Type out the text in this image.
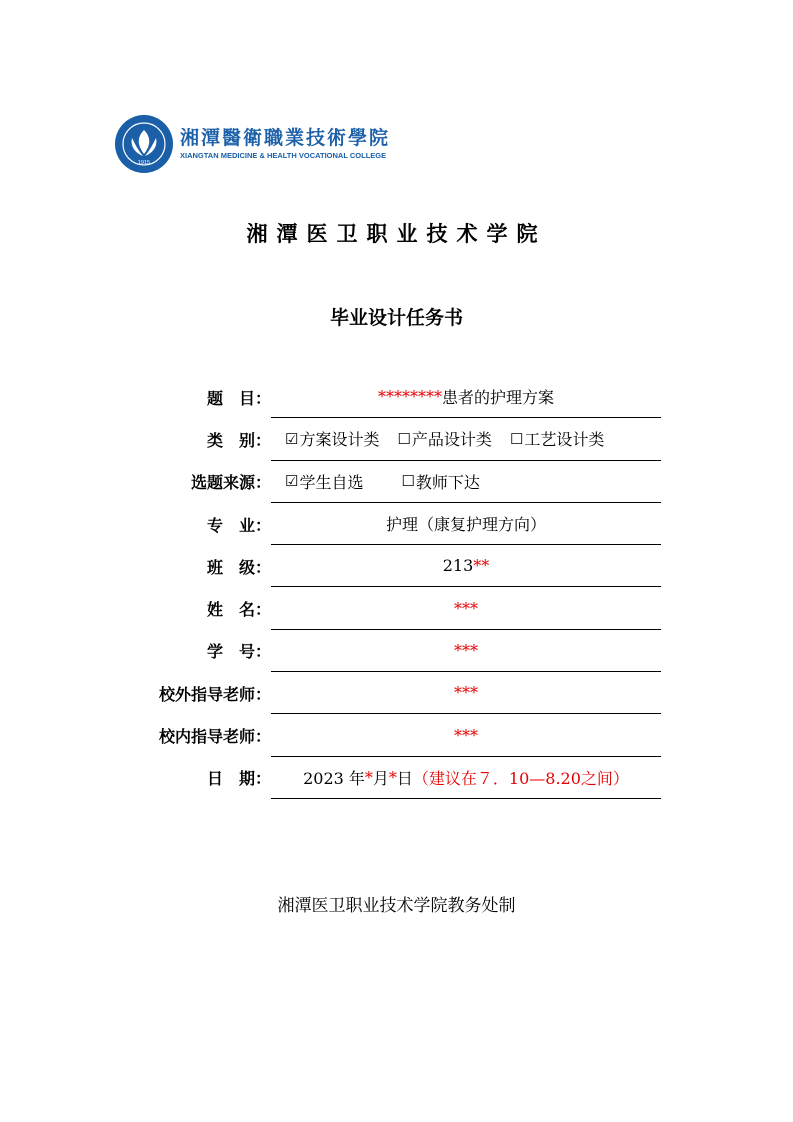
1915
湘潭醫衛職業技術學院
XIANGTAN MEDICINE & HEALTH VOCATIONAL COLLEGE
湘潭医卫职业技术学院
毕业设计任务书
题　目：	******** 患者的护理方案
类　别： ☑ 方案设计类 ☐ 产品设计类 ☐ 工艺设计类
选题来源： ☑ 学生自选	☐ 教师下达
专　业：	护理（康复护理方向）
班　级：	213 **
姓　名：	***
学　号：	***
校外指导老师：	***
校内指导老师：	***
日　期： 2023 年 * 月 * 日 （建议在７．10—8.20之间）
湘潭医卫职业技术学院教务处制
